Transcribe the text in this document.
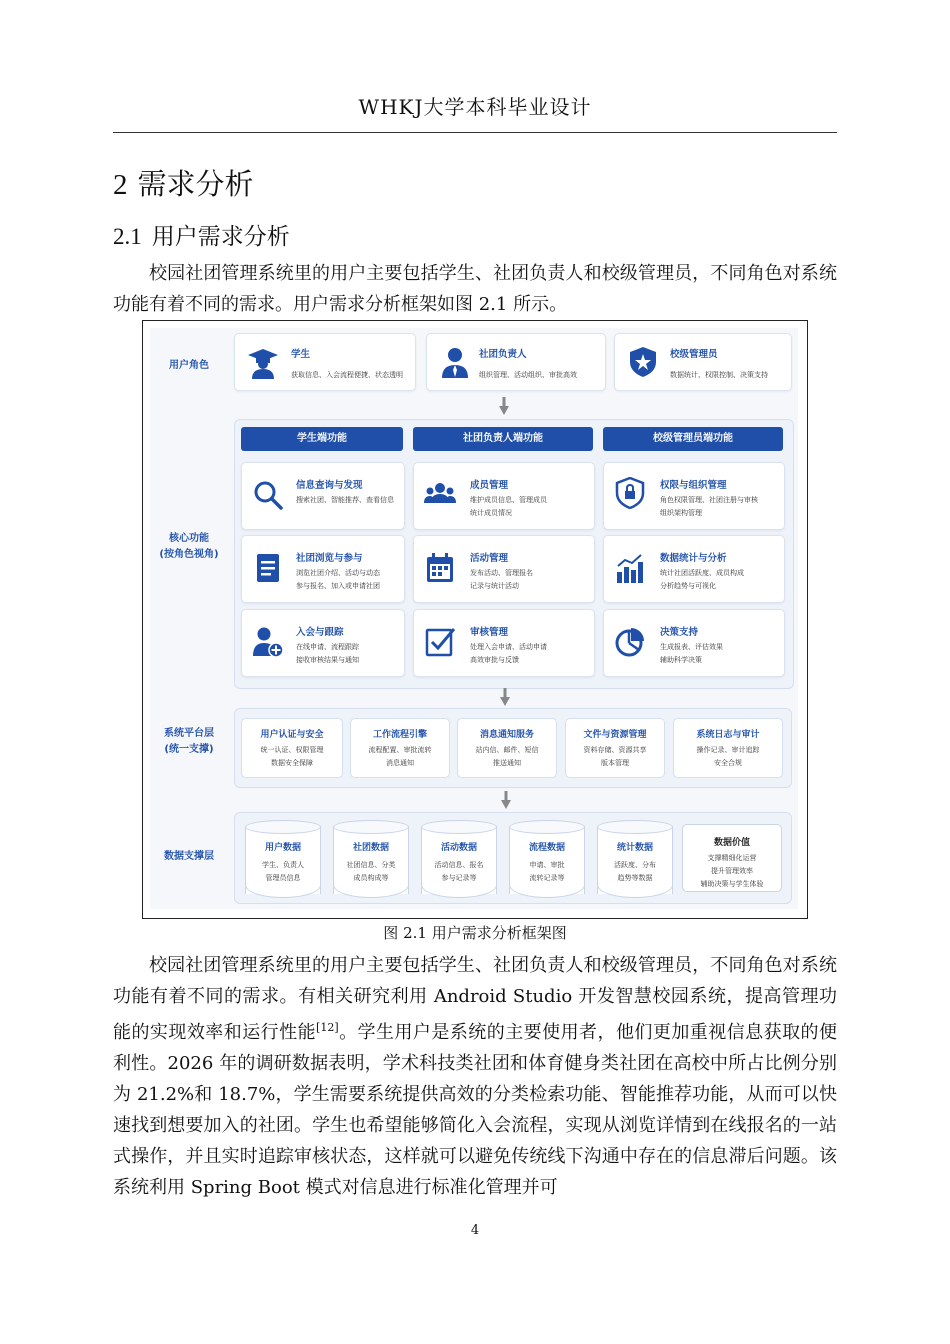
WHKJ大学本科毕业设计
2 需求分析
2.1 用户需求分析
校园社团管理系统里的用户主要包括学生、社团负责人和校级管理员，不同角色对系统功能有着不同的需求。用户需求分析框架如图 2.1 所示。
用户角色
核心功能
(按角色视角)
系统平台层
(统一支撑)
数据支撑层
学生
获取信息、入会流程便捷、状态透明
社团负责人
组织管理、活动组织、审批高效
校级管理员
数据统计、权限控制、决策支持
学生端功能	社团负责人端功能	校级管理员端功能
信息查询与发现
搜索社团、智能推荐、查看信息
成员管理
维护成员信息、管理成员
统计成员情况
权限与组织管理
角色权限管理、社团注册与审核
组织架构管理
社团浏览与参与
浏览社团介绍、活动与动态
参与报名、加入或申请社团
活动管理
发布活动、管理报名
记录与统计活动
数据统计与分析
统计社团活跃度、成员构成
分析趋势与可视化
入会与跟踪
在线申请、流程跟踪
接收审核结果与通知
审核管理
处理入会申请、活动申请
高效审批与反馈
决策支持
生成报表、评估效果
辅助科学决策
用户认证与安全
统一认证、权限管理
数据安全保障
工作流程引擎
流程配置、审批流转
消息通知
消息通知服务
站内信、邮件、短信
推送通知
文件与资源管理
资料存储、资源共享
版本管理
系统日志与审计
操作记录、审计追踪
安全合规
用户数据
学生、负责人
管理员信息
社团数据
社团信息、分类
成员构成等
活动数据
活动信息、报名
参与记录等
流程数据
申请、审批
流转记录等
统计数据
活跃度、分布
趋势等数据
数据价值
支撑精细化运营
提升管理效率
辅助决策与学生体验
图 2.1 用户需求分析框架图
校园社团管理系统里的用户主要包括学生、社团负责人和校级管理员，不同角色对系统功能有着不同的需求。有相关研究利用 Android Studio 开发智慧校园系统，提高管理功能的实现效率和运行性能[12]。学生用户是系统的主要使用者，他们更加重视信息获取的便利性。2026 年的调研数据表明，学术科技类社团和体育健身类社团在高校中所占比例分别为 21.2%和 18.7%，学生需要系统提供高效的分类检索功能、智能推荐功能，从而可以快速找到想要加入的社团。学生也希望能够简化入会流程，实现从浏览详情到在线报名的一站式操作，并且实时追踪审核状态，这样就可以避免传统线下沟通中存在的信息滞后问题。该系统利用 Spring Boot 模式对信息进行标准化管理并可
4
